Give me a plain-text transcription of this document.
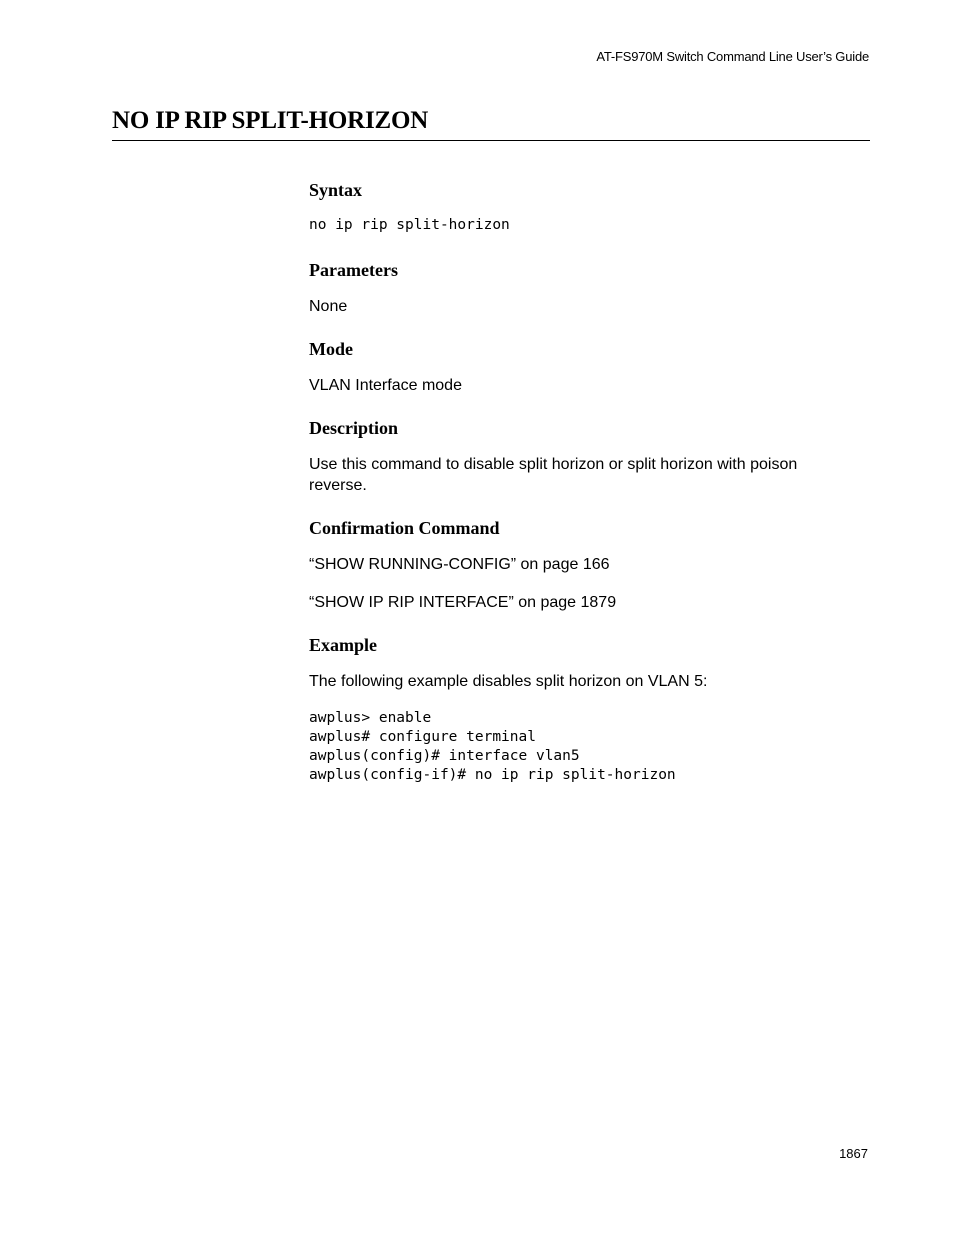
AT-FS970M Switch Command Line User’s Guide
NO IP RIP SPLIT-HORIZON
Syntax

no ip rip split-horizon

Parameters

None

Mode

VLAN Interface mode

Description

Use this command to disable split horizon or split horizon with poison reverse.

Confirmation Command

“SHOW RUNNING-CONFIG” on page 166

“SHOW IP RIP INTERFACE” on page 1879

Example

The following example disables split horizon on VLAN 5:

awplus> enable

awplus# configure terminal

awplus(config)# interface vlan5

awplus(config-if)# no ip rip split-horizon

1867
